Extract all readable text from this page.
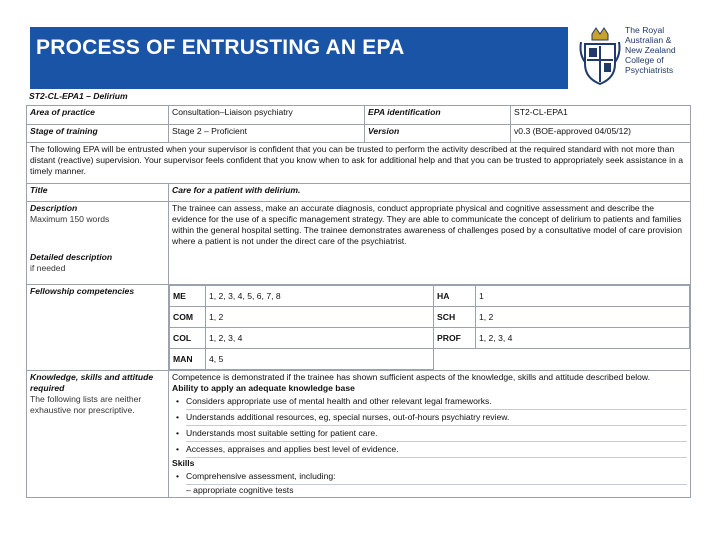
PROCESS OF ENTRUSTING AN EPA
The Royal
Australian &
New Zealand
College of
Psychiatrists
ST2-CL-EPA1 – Delirium
Area of practice	Consultation–Liaison psychiatry	EPA identification	ST2-CL-EPA1
Stage of training	Stage 2 – Proficient	Version	v0.3 (BOE-approved 04/05/12)
The following EPA will be entrusted when your supervisor is confident that you can be trusted to perform the activity described at the required standard with not more than distant (reactive) supervision. Your supervisor feels confident that you know when to ask for additional help and that you can be trusted to appropriately seek assistance in a timely manner.
Title	Care for a patient with delirium.

Description
Maximum 150 words
Detailed description
if needed
	The trainee can assess, make an accurate diagnosis, conduct appropriate physical and cognitive assessment and describe the evidence for the use of a specific management strategy. They are able to communicate the concept of delirium to patients and families within the general hospital setting. The trainee demonstrates awareness of challenges posed by a consultative model of care provision where a patient is not under the direct care of the psychiatrist.
Fellowship competencies		ME	1, 2, 3, 4, 5, 6, 7, 8	HA	1
COM	1, 2	SCH	1, 2
COL	1, 2, 3, 4	PROF	1, 2, 3, 4
MAN	4, 5	

Knowledge, skills and attitude required
The following lists are neither exhaustive nor prescriptive.

Competence is demonstrated if the trainee has shown sufficient aspects of the knowledge, skills and attitude described below.
Ability to apply an adequate knowledge base
• Considers appropriate use of mental health and other relevant legal frameworks.
• Understands additional resources, eg, special nurses, out-of-hours psychiatry review.
• Understands most suitable setting for patient care.
• Accesses, appraises and applies best level of evidence.
Skills
• Comprehensive assessment, including:
– appropriate cognitive tests
